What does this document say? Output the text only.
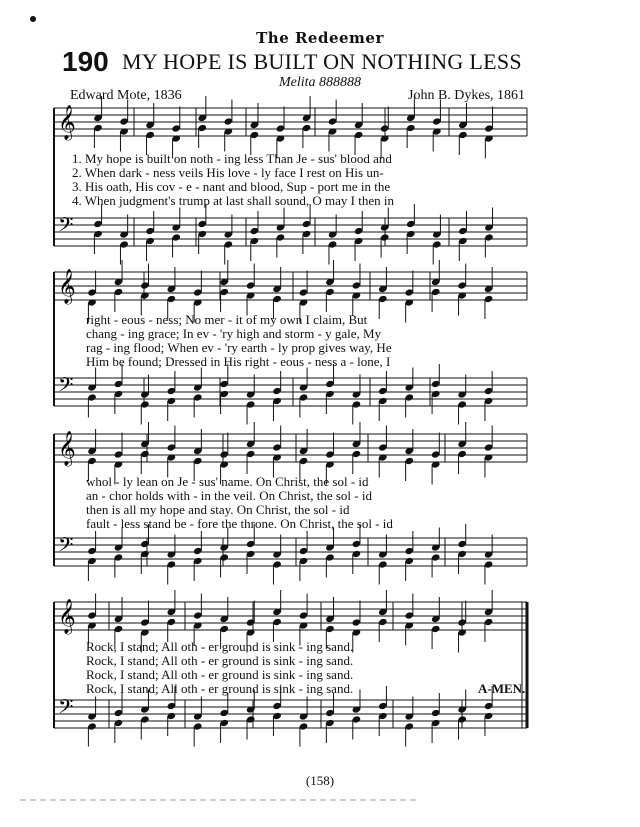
The Redeemer
190 MY HOPE IS BUILT ON NOTHING LESS
Melita 888888
Edward Mote, 1836	John B. Dykes, 1861
𝄞
𝄢
𝄞
𝄢
𝄞
𝄢
𝄞
𝄢
1. My hope is built on noth - ing less Than Je - sus' blood and
2. When dark - ness veils His love - ly face I rest on His un-
3. His oath, His cov - e - nant and blood, Sup - port me in the
4. When judgment's trump at last shall sound, O may I then in
right - eous - ness; No mer - it of my own I claim, But
chang - ing grace; In ev - 'ry high and storm - y gale, My
rag - ing flood; When ev - 'ry earth - ly prop gives way, He
Him be found; Dressed in His right - eous - ness a - lone, I
whol - ly lean on Je - sus' name. On Christ, the sol - id
an - chor holds with - in the veil. On Christ, the sol - id
then is all my hope and stay. On Christ, the sol - id
fault - less stand be - fore the throne. On Christ, the sol - id
Rock, I stand; All oth - er ground is sink - ing sand.
Rock, I stand; All oth - er ground is sink - ing sand.
Rock, I stand; All oth - er ground is sink - ing sand.
Rock, I stand; All oth - er ground is sink - ing sand.	A-MEN.
(158)
